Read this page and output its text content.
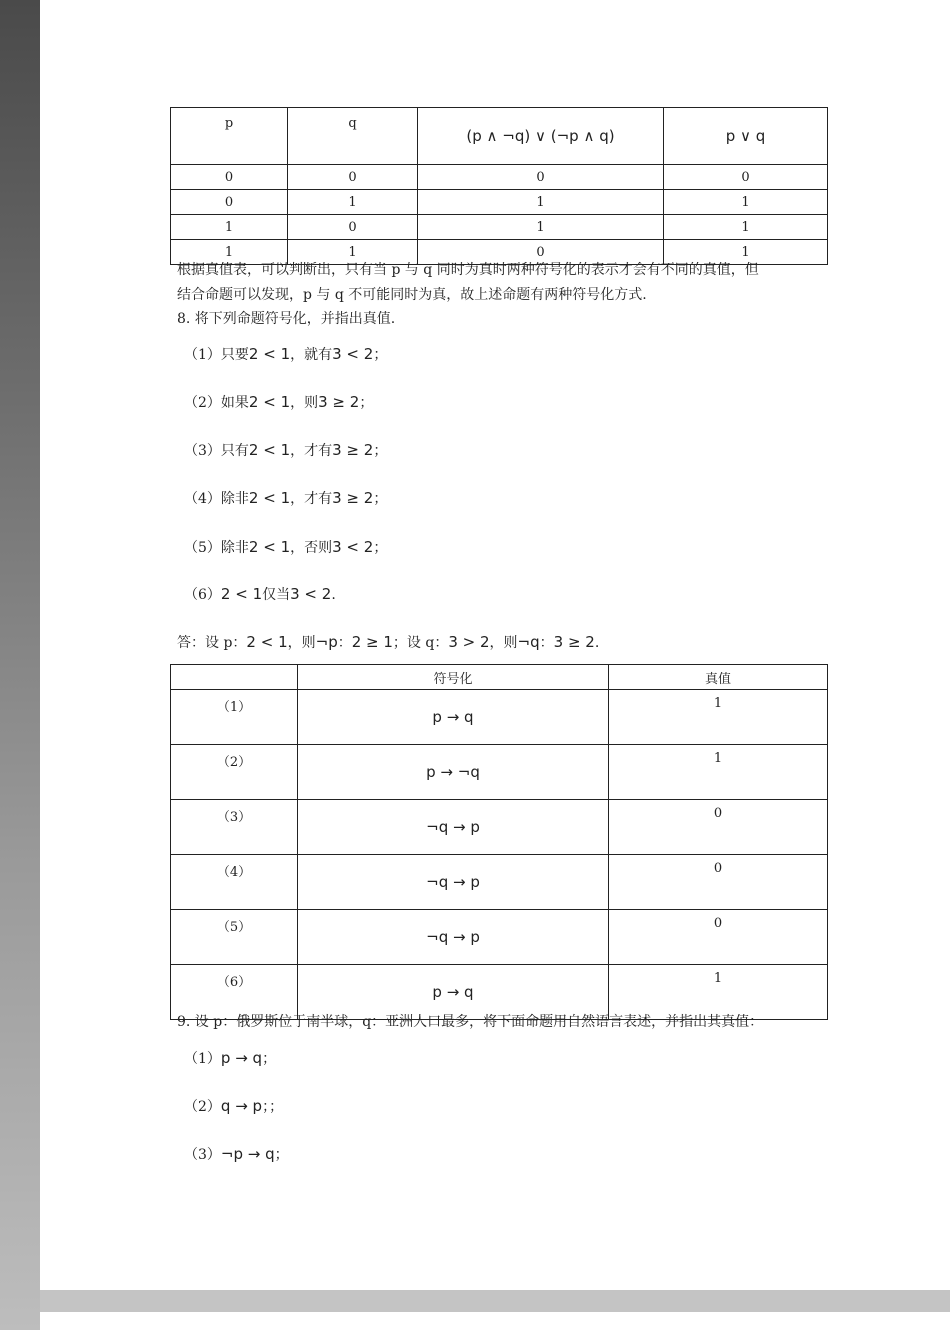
p	q	(p ∧ ¬q) ∨ (¬p ∧ q)	p ∨ q
0	0	0	0
0	1	1	1
1	0	1	1
1	1	0	1
根据真值表，可以判断出，只有当 p 与 q 同时为真时两种符号化的表示才会有不同的真值，但
结合命题可以发现，p 与 q 不可能同时为真，故上述命题有两种符号化方式.
8. 将下列命题符号化，并指出真值.
（1）只要2 < 1，就有3 < 2；
（2）如果2 < 1，则3 ≥ 2；
（3）只有2 < 1，才有3 ≥ 2；
（4）除非2 < 1，才有3 ≥ 2；
（5）除非2 < 1，否则3 < 2；
（6）2 < 1仅当3 < 2.
答：设 p：2 < 1，则¬p：2 ≥ 1；设 q：3 > 2，则¬q：3 ≥ 2.
	符号化	真值
（1）	p → q	1
（2）	p → ¬q	1
（3）	¬q → p	0
（4）	¬q → p	0
（5）	¬q → p	0
（6）	p → q	1
9. 设 p：俄罗斯位于南半球，q：亚洲人口最多，将下面命题用自然语言表述，并指出其真值：
（1）p → q；
（2）q → p；；
（3）¬p → q；
